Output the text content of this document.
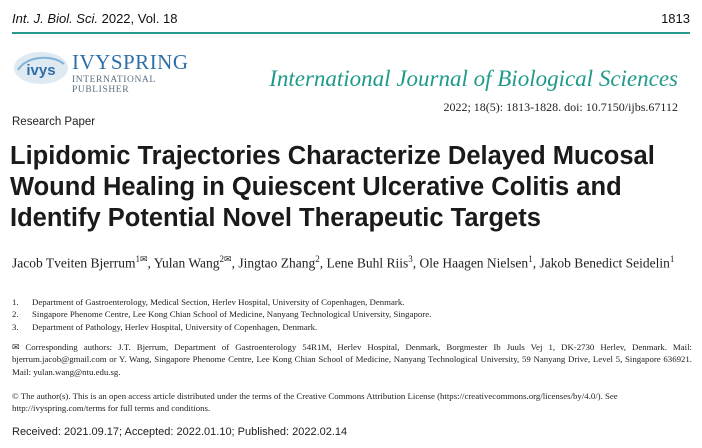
Int. J. Biol. Sci. 2022, Vol. 18	1813
ivys IVYSPRING
INTERNATIONAL PUBLISHER	International Journal of Biological Sciences
2022; 18(5): 1813-1828. doi: 10.7150/ijbs.67112
Research Paper
Lipidomic Trajectories Characterize Delayed Mucosal
Wound Healing in Quiescent Ulcerative Colitis and
Identify Potential Novel Therapeutic Targets
Jacob Tveiten Bjerrum$^{1✉}$, Yulan Wang$^{2✉}$, Jingtao Zhang$^2$, Lene Buhl Riis$^3$, Ole Haagen Nielsen$^1$, Jakob Benedict Seidelin$^1$
1.	Department of Gastroenterology, Medical Section, Herlev Hospital, University of Copenhagen, Denmark.
2.	Singapore Phenome Centre, Lee Kong Chian School of Medicine, Nanyang Technological University, Singapore.
3.	Department of Pathology, Herlev Hospital, University of Copenhagen, Denmark.
✉ Corresponding authors: J.T. Bjerrum, Department of Gastroenterology 54R1M, Herlev Hospital, Denmark, Borgmester Ib Juuls Vej 1, DK-2730 Herlev, Denmark. Mail: bjerrum.jacob@gmail.com or Y. Wang, Singapore Phenome Centre, Lee Kong Chian School of Medicine, Nanyang Technological University, 59 Nanyang Drive, Level 5, Singapore 636921. Mail: yulan.wang@ntu.edu.sg.
© The author(s). This is an open access article distributed under the terms of the Creative Commons Attribution License (https://creativecommons.org/licenses/by/4.0/). See http://ivyspring.com/terms for full terms and conditions.
Received: 2021.09.17; Accepted: 2022.01.10; Published: 2022.02.14
